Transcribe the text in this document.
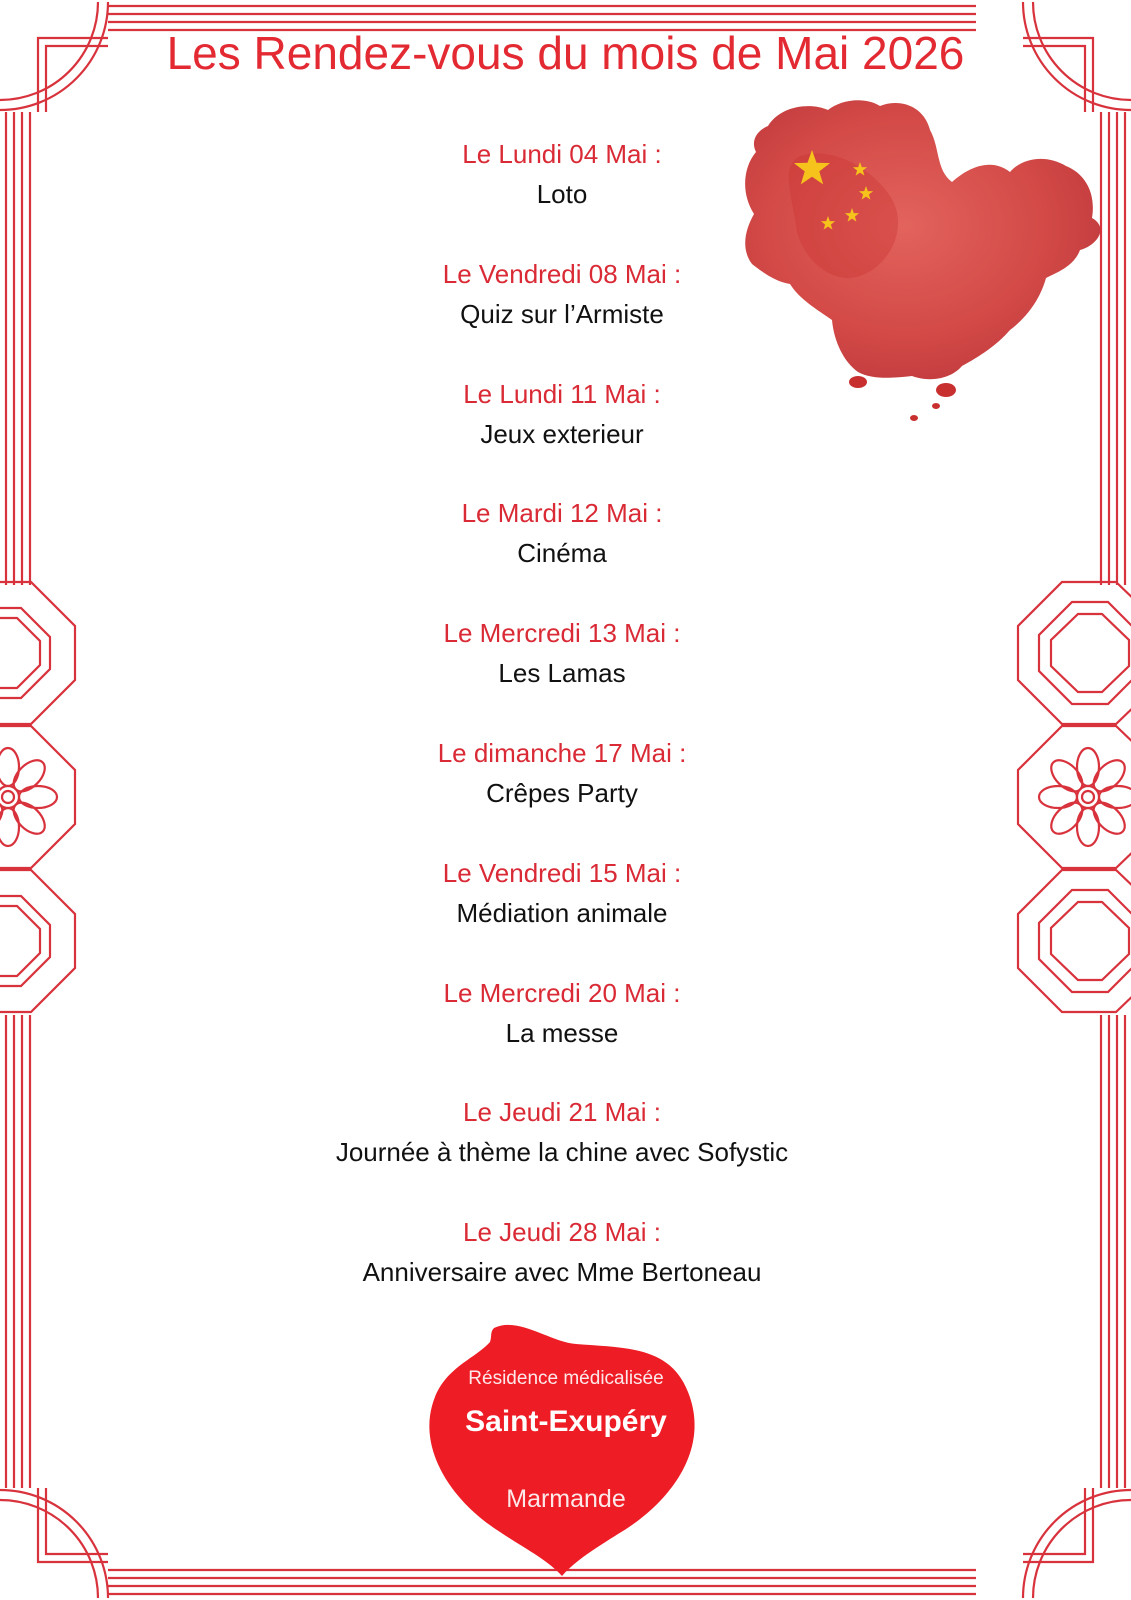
Les Rendez-vous du mois de Mai 2026
Le Lundi 04 Mai :
Loto
Le Vendredi 08 Mai :
Quiz sur l’Armiste
Le Lundi 11 Mai :
Jeux exterieur
Le Mardi 12 Mai :
Cinéma
Le Mercredi 13 Mai :
Les Lamas
Le dimanche 17 Mai :
Crêpes Party
Le Vendredi 15 Mai :
Médiation animale
Le Mercredi 20 Mai :
La messe
Le Jeudi 21 Mai :
Journée à thème la chine avec Sofystic
Le Jeudi 28 Mai :
Anniversaire avec Mme Bertoneau
Résidence médicalisée
Saint-Exupéry
Marmande
